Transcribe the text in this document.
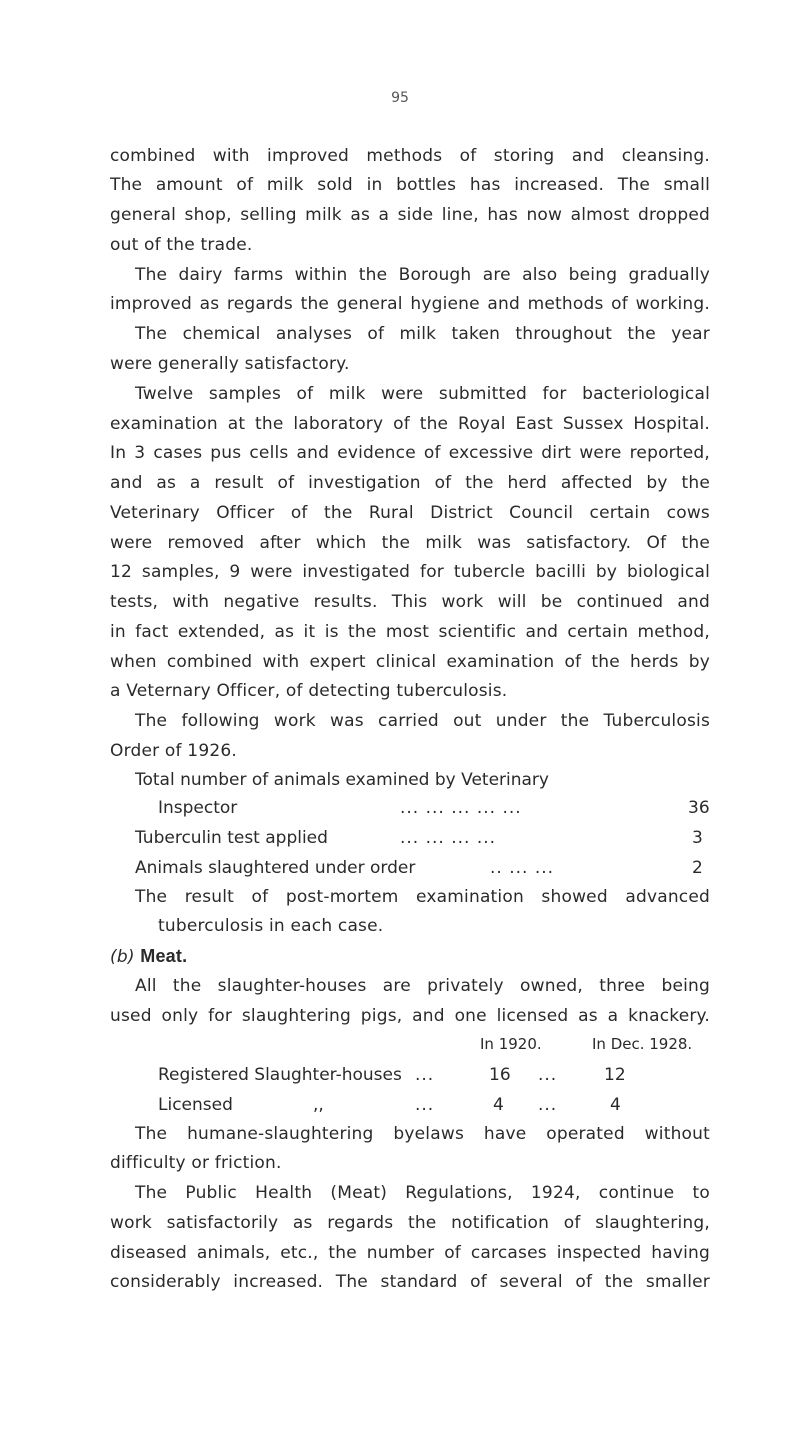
95
combined with improved methods of storing and cleansing.
The amount of milk sold in bottles has increased. The small
general shop, selling milk as a side line, has now almost dropped
out of the trade.
The dairy farms within the Borough are also being gradually
improved as regards the general hygiene and methods of working.
The chemical analyses of milk taken throughout the year
were generally satisfactory.
Twelve samples of milk were submitted for bacteriological
examination at the laboratory of the Royal East Sussex Hospital.
In 3 cases pus cells and evidence of excessive dirt were reported,
and as a result of investigation of the herd affected by the
Veterinary Officer of the Rural District Council certain cows
were removed after which the milk was satisfactory. Of the
12 samples, 9 were investigated for tubercle bacilli by biological
tests, with negative results. This work will be continued and
in fact extended, as it is the most scientific and certain method,
when combined with expert clinical examination of the herds by
a Veternary Officer, of detecting tuberculosis.
The following work was carried out under the Tuberculosis
Order of 1926.
Total number of animals examined by Veterinary
Inspector	... ... ... ... ...	36
Tuberculin test applied	... ... ... ...	3
Animals slaughtered under order	.. ... ...	2
The result of post-mortem examination showed advanced
tuberculosis in each case.
(b) Meat.
All the slaughter-houses are privately owned, three being
used only for slaughtering pigs, and one licensed as a knackery.
In 1920.	In Dec. 1928.
Registered Slaughter-houses ...	16 ...	12
Licensed	,,	...	4 ...	4
The humane-slaughtering byelaws have operated without
difficulty or friction.
The Public Health (Meat) Regulations, 1924, continue to
work satisfactorily as regards the notification of slaughtering,
diseased animals, etc., the number of carcases inspected having
considerably increased. The standard of several of the smaller
